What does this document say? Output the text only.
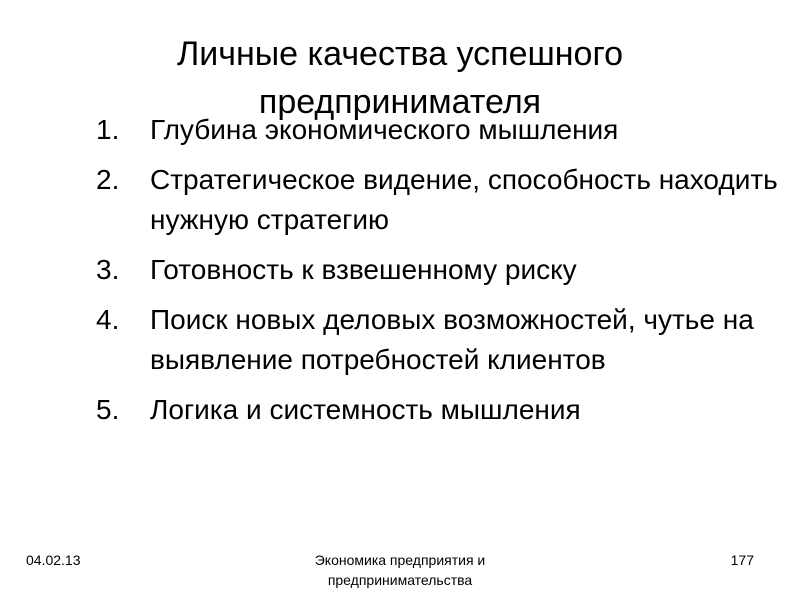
Личные качества успешного предпринимателя
1.	Глубина экономического мышления
2.	Стратегическое видение, способность находить нужную стратегию
3.	Готовность к взвешенному риску
4.	Поиск новых деловых возможностей, чутье на выявление потребностей клиентов
5.	Логика и системность мышления
04.02.13	Экономика предприятия и предпринимательства
177
